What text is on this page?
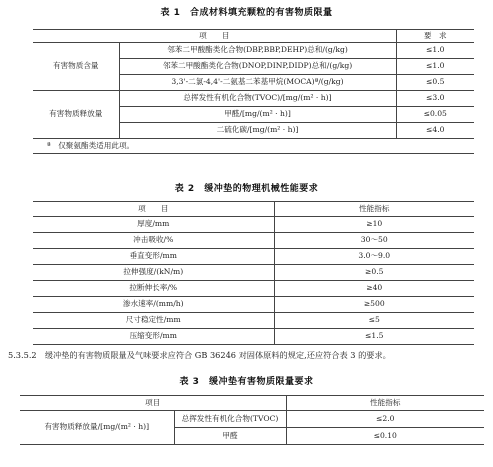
表 1　合成材料填充颗粒的有害物质限量
项　　目		要　求
有害物质含量	邻苯二甲酸酯类化合物(DBP,BBP,DEHP)总和/(g/kg)	≤1.0
	邻苯二甲酸酯类化合物(DNOP,DINP,DIDP)总和/(g/kg)	≤1.0
	3,3'-二氯-4,4'-二氨基二苯基甲烷(MOCA)ª/(g/kg)	≤0.5
有害物质释放量	总挥发性有机化合物(TVOC)/[mg/(m² · h)]	≤3.0
	甲醛/[mg/(m² · h)]	≤0.05
	二硫化碳/[mg/(m² · h)]	≤4.0
ª　仅聚氨酯类适用此项。		
表 2　缓冲垫的物理机械性能要求
项　　目	性能指标
厚度/mm	≥10
冲击吸收/%	30～50
垂直变形/mm	3.0～9.0
拉伸强度/(kN/m)	≥0.5
拉断伸长率/%	≥40
渗水速率/(mm/h)	≥500
尺寸稳定性/mm	≤5
压缩变形/mm	≤1.5
5.3.5.2　缓冲垫的有害物质限量及气味要求应符合 GB 36246 对固体原料的规定,还应符合表 3 的要求。
表 3　缓冲垫有害物质限量要求
项目		性能指标
有害物质释放量/[mg/(m² · h)]	总挥发性有机化合物(TVOC)	≤2.0
	甲醛	≤0.10
